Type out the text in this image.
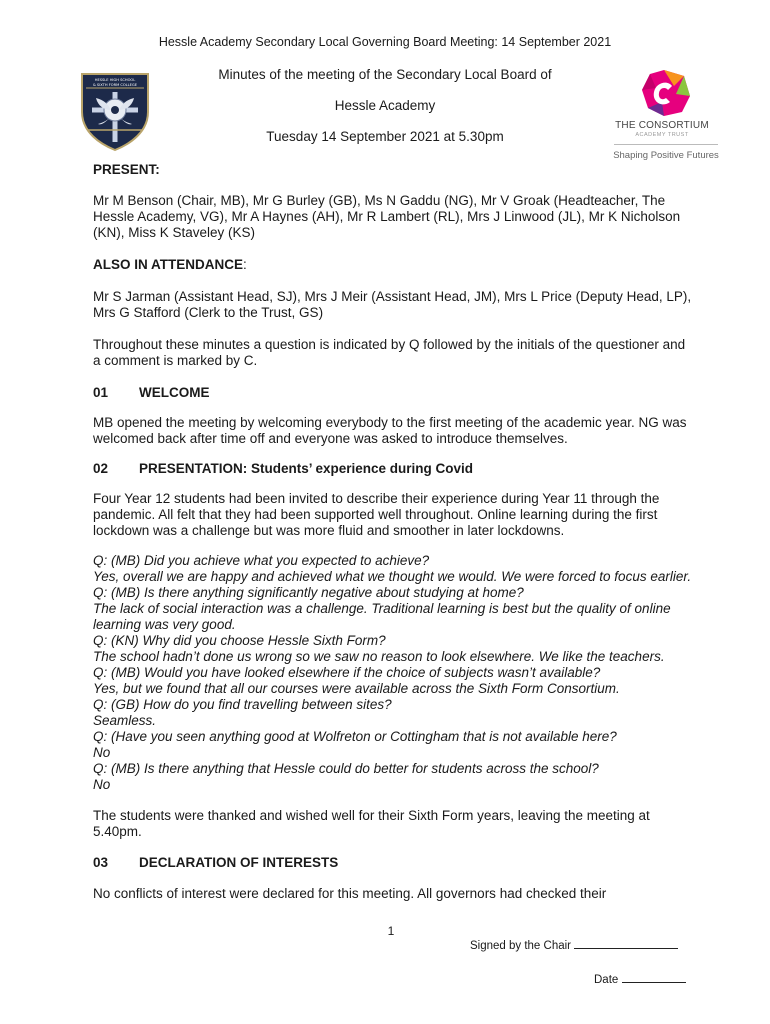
Hessle Academy Secondary Local Governing Board Meeting: 14 September 2021
Minutes of the meeting of the Secondary Local Board of
Hessle Academy
Tuesday 14 September 2021 at 5.30pm
HESSLE HIGH SCHOOL
& SIXTH FORM COLLEGE
THE CONSORTIUM
ACADEMY TRUST
Shaping Positive Futures

PRESENT:

Mr M Benson (Chair, MB), Mr G Burley (GB), Ms N Gaddu (NG), Mr V Groak (Headteacher, The Hessle Academy, VG), Mr A Haynes (AH), Mr R Lambert (RL), Mrs J Linwood (JL), Mr K Nicholson (KN), Miss K Staveley (KS)

ALSO IN ATTENDANCE:

Mr S Jarman (Assistant Head, SJ), Mrs J Meir (Assistant Head, JM), Mrs L Price (Deputy Head, LP), Mrs G Stafford (Clerk to the Trust, GS)

Throughout these minutes a question is indicated by Q followed by the initials of the questioner and a comment is marked by C.

01	WELCOME

MB opened the meeting by welcoming everybody to the first meeting of the academic year. NG was welcomed back after time off and everyone was asked to introduce themselves.

02	PRESENTATION: Students’ experience during Covid

Four Year 12 students had been invited to describe their experience during Year 11 through the pandemic. All felt that they had been supported well throughout. Online learning during the first lockdown was a challenge but was more fluid and smoother in later lockdowns.

Q: (MB) Did you achieve what you expected to achieve?
Yes, overall we are happy and achieved what we thought we would. We were forced to focus earlier.
Q: (MB) Is there anything significantly negative about studying at home?
The lack of social interaction was a challenge. Traditional learning is best but the quality of online learning was very good.
Q: (KN) Why did you choose Hessle Sixth Form?
The school hadn’t done us wrong so we saw no reason to look elsewhere. We like the teachers.
Q: (MB) Would you have looked elsewhere if the choice of subjects wasn’t available?
Yes, but we found that all our courses were available across the Sixth Form Consortium.
Q: (GB) How do you find travelling between sites?
Seamless.
Q: (Have you seen anything good at Wolfreton or Cottingham that is not available here?
No
Q: (MB) Is there anything that Hessle could do better for students across the school?
No

The students were thanked and wished well for their Sixth Form years, leaving the meeting at 5.40pm.

03	DECLARATION OF INTERESTS

No conflicts of interest were declared for this meeting. All governors had checked their

1
Signed by the Chair
Date
